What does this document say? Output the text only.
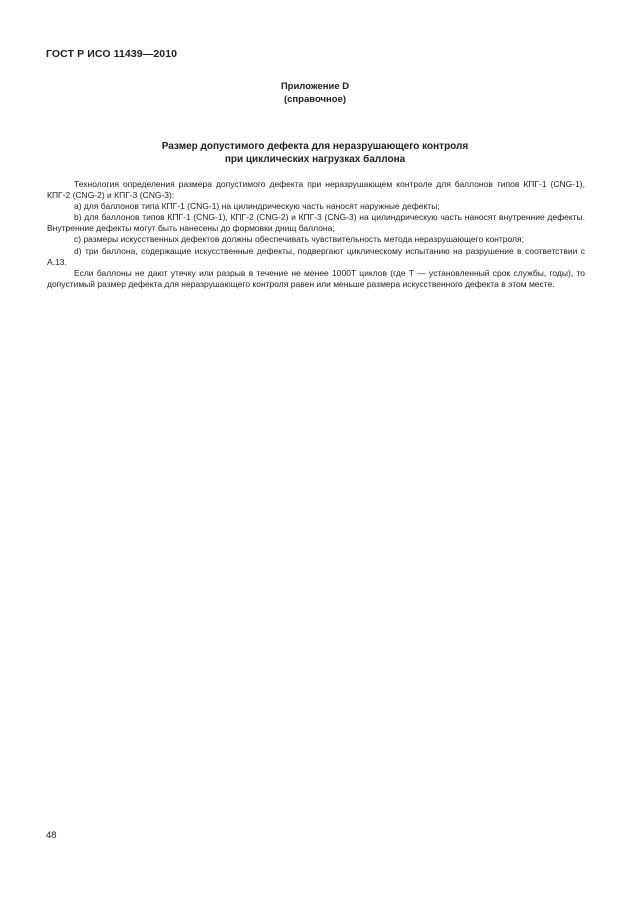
ГОСТ Р ИСО 11439—2010
Приложение D
(справочное)
Размер допустимого дефекта для неразрушающего контроля
при циклических нагрузках баллона

Технология определения размера допустимого дефекта при неразрушающем контроле для баллонов типов КПГ-1 (CNG-1), КПГ-2 (CNG-2) и КПГ-3 (CNG-3):

a) для баллонов типа КПГ-1 (CNG-1) на цилиндрическую часть наносят наружные дефекты;

b) для баллонов типов КПГ-1 (CNG-1), КПГ-2 (CNG-2) и КПГ-3 (CNG-3) на цилиндрическую часть наносят внутренние дефекты. Внутренние дефекты могут быть нанесены до формовки днищ баллона;

c) размеры искусственных дефектов должны обеспечивать чувствительность метода неразрушающего контроля;

d) три баллона, содержащие искусственные дефекты, подвергают циклическому испытанию на разрушение в соответствии с А.13.

Если баллоны не дают утечку или разрыв в течение не менее 1000T циклов (где T — установленный срок службы, годы), то допустимый размер дефекта для неразрушающего контроля равен или меньше размера искусственного дефекта в этом месте.

48
